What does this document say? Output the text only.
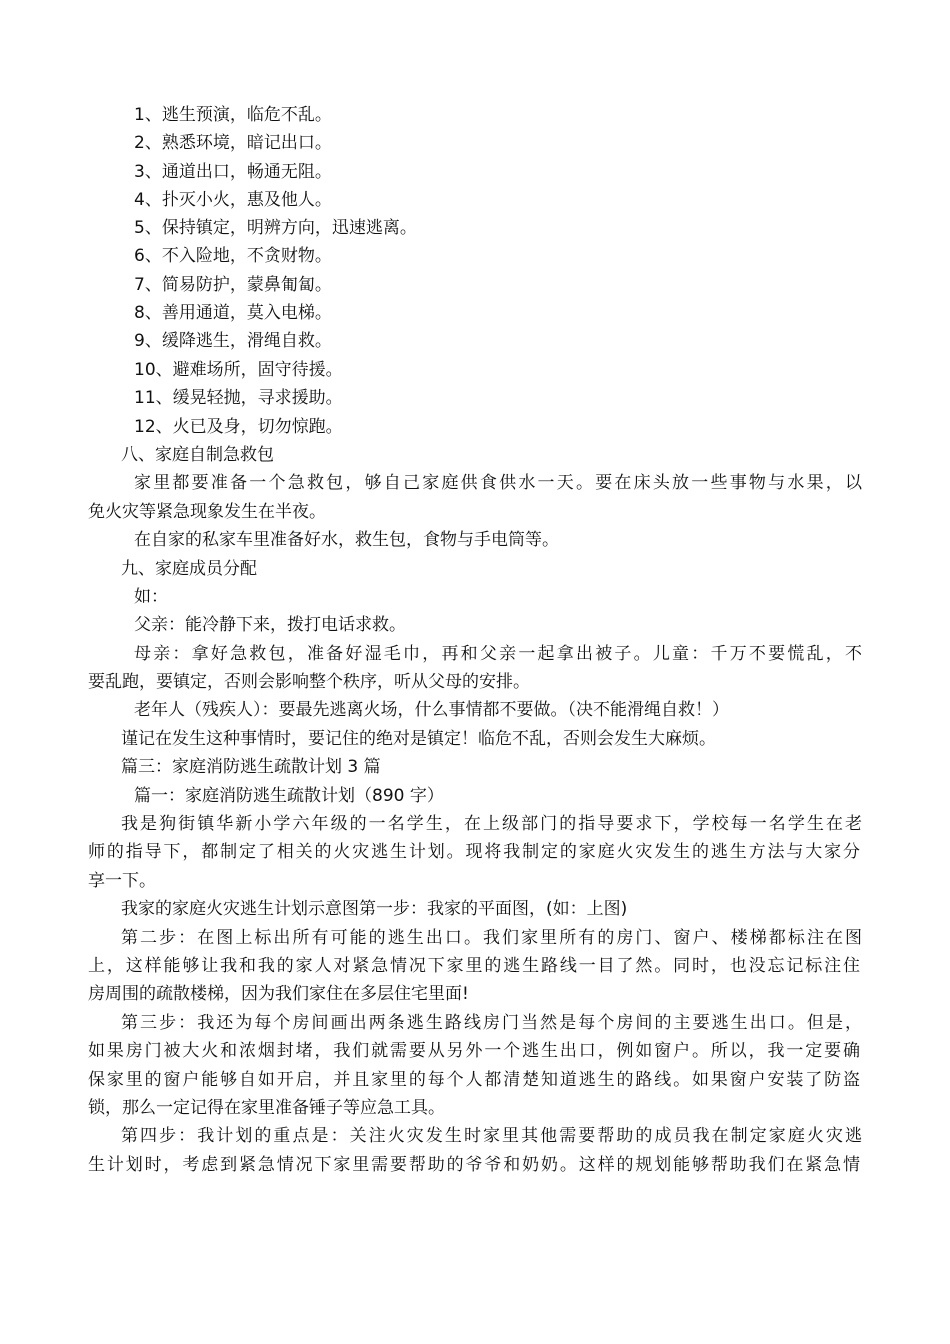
1、逃生预演，临危不乱。
2、熟悉环境，暗记出口。
3、通道出口，畅通无阻。
4、扑灭小火，惠及他人。
5、保持镇定，明辨方向，迅速逃离。
6、不入险地，不贪财物。
7、简易防护，蒙鼻匍匐。
8、善用通道，莫入电梯。
9、缓降逃生，滑绳自救。
10、避难场所，固守待援。
11、缓晃轻抛，寻求援助。
12、火已及身，切勿惊跑。
八、家庭自制急救包
家里都要准备一个急救包，够自己家庭供食供水一天。要在床头放一些事物与水果，以
免火灾等紧急现象发生在半夜。
在自家的私家车里准备好水，救生包，食物与手电筒等。
九、家庭成员分配
如：
父亲：能冷静下来，拨打电话求救。
母亲：拿好急救包，准备好湿毛巾，再和父亲一起拿出被子。儿童：千万不要慌乱，不
要乱跑，要镇定，否则会影响整个秩序，听从父母的安排。
老年人（残疾人）：要最先逃离火场，什么事情都不要做。（决不能滑绳自救！）
谨记在发生这种事情时，要记住的绝对是镇定！临危不乱，否则会发生大麻烦。
篇三：家庭消防逃生疏散计划 3 篇
篇一：家庭消防逃生疏散计划（890 字）
我是狗街镇华新小学六年级的一名学生，在上级部门的指导要求下，学校每一名学生在老
师的指导下，都制定了相关的火灾逃生计划。现将我制定的家庭火灾发生的逃生方法与大家分
享一下。
我家的家庭火灾逃生计划示意图第一步：我家的平面图，(如：上图)
第二步：在图上标出所有可能的逃生出口。我们家里所有的房门、窗户、楼梯都标注在图
上，这样能够让我和我的家人对紧急情况下家里的逃生路线一目了然。同时，也没忘记标注住
房周围的疏散楼梯，因为我们家住在多层住宅里面!
第三步：我还为每个房间画出两条逃生路线房门当然是每个房间的主要逃生出口。但是，
如果房门被大火和浓烟封堵，我们就需要从另外一个逃生出口，例如窗户。所以，我一定要确
保家里的窗户能够自如开启，并且家里的每个人都清楚知道逃生的路线。如果窗户安装了防盗
锁，那么一定记得在家里准备锤子等应急工具。
第四步：我计划的重点是：关注火灾发生时家里其他需要帮助的成员我在制定家庭火灾逃
生计划时，考虑到紧急情况下家里需要帮助的爷爷和奶奶。这样的规划能够帮助我们在紧急情
